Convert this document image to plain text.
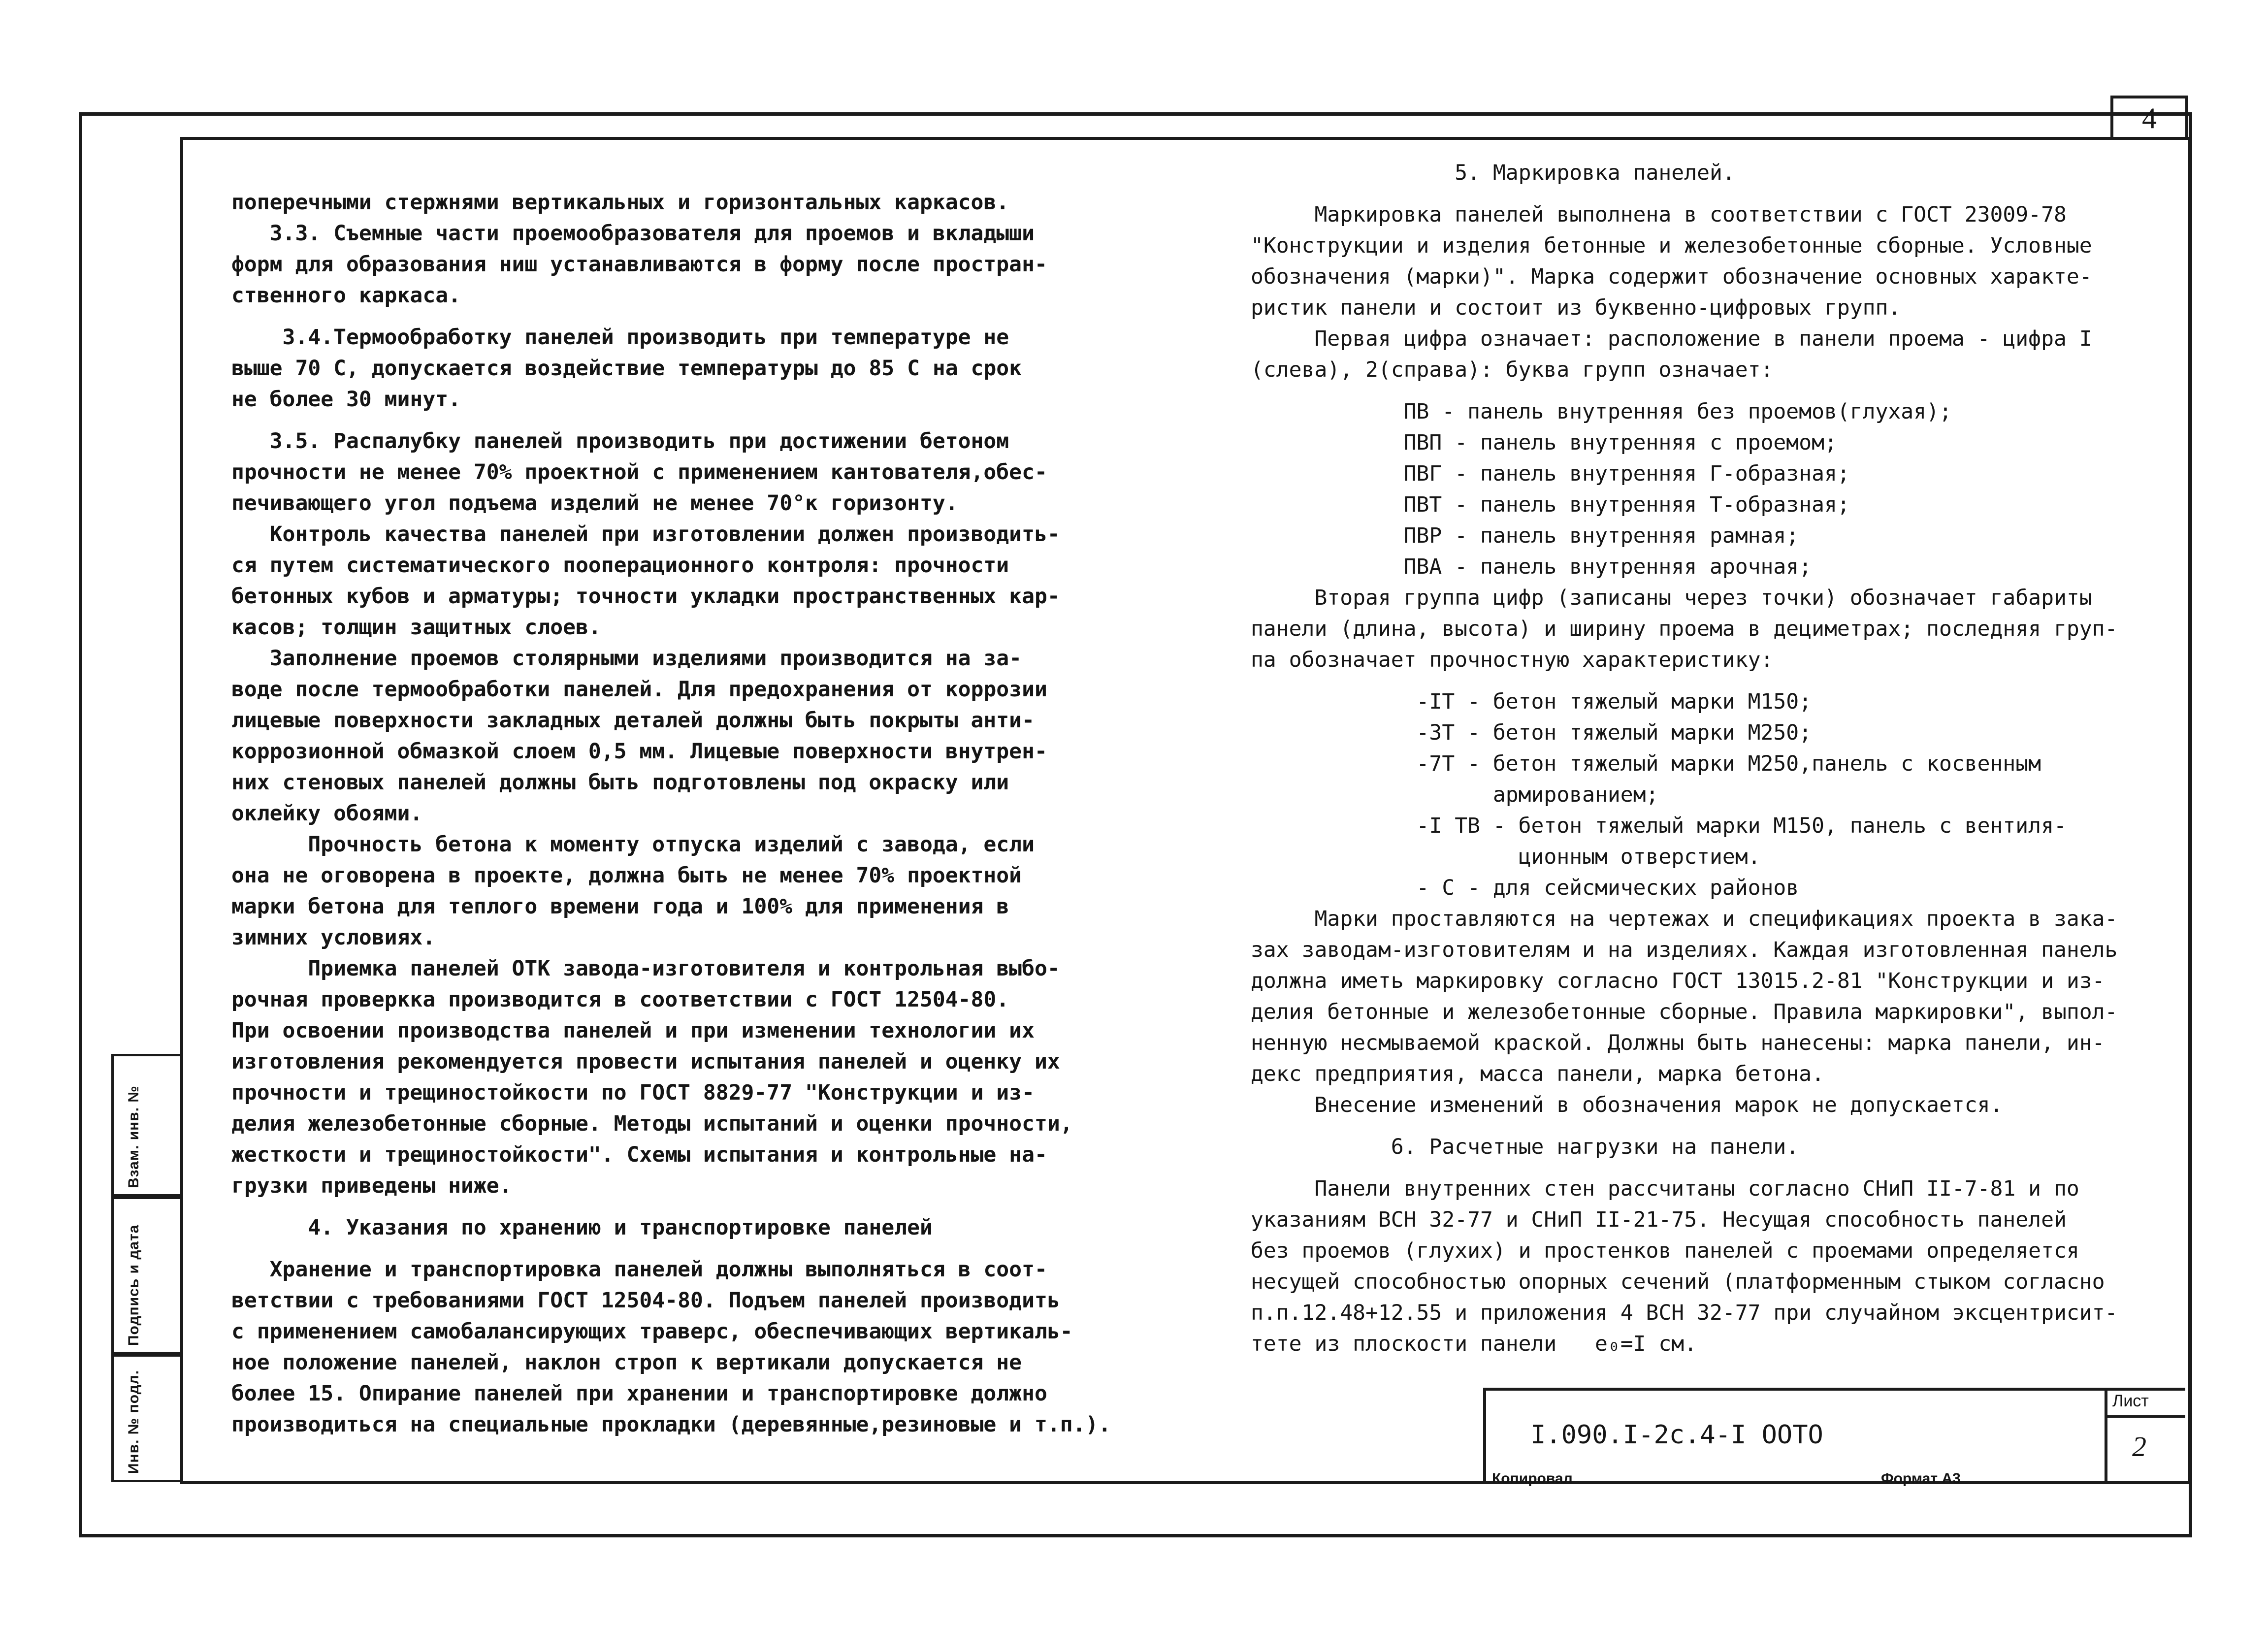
4
Взам. инв. №
Подпись и дата
Инв. № подл.
поперечными стержнями вертикальных и горизонтальных каркасов.
3.3. Съемные части проемообразователя для проемов и вкладыши
форм для образования ниш устанавливаются в форму после простран-
ственного каркаса.
3.4.Термообработку панелей производить при температуре не
выше 70 С, допускается воздействие температуры до 85 С на срок
не более 30 минут.
3.5. Распалубку панелей производить при достижении бетоном
прочности не менее 70% проектной с применением кантователя,обес-
печивающего угол подъема изделий не менее 70°к горизонту.
Контроль качества панелей при изготовлении должен производить-
ся путем систематического пооперационного контроля: прочности
бетонных кубов и арматуры; точности укладки пространственных кар-
касов; толщин защитных слоев.
Заполнение проемов столярными изделиями производится на за-
воде после термообработки панелей. Для предохранения от коррозии
лицевые поверхности закладных деталей должны быть покрыты анти-
коррозионной обмазкой слоем 0,5 мм. Лицевые поверхности внутрен-
них стеновых панелей должны быть подготовлены под окраску или
оклейку обоями.
Прочность бетона к моменту отпуска изделий с завода, если
она не оговорена в проекте, должна быть не менее 70% проектной
марки бетона для теплого времени года и 100% для применения в
зимних условиях.
Приемка панелей ОТК завода-изготовителя и контрольная выбо-
рочная проверкка производится в соответствии с ГОСТ 12504-80.
При освоении производства панелей и при изменении технологии их
изготовления рекомендуется провести испытания панелей и оценку их
прочности и трещиностойкости по ГОСТ 8829-77 "Конструкции и из-
делия железобетонные сборные. Методы испытаний и оценки прочности,
жесткости и трещиностойкости". Схемы испытания и контрольные на-
грузки приведены ниже.
4. Указания по хранению и транспортировке панелей
Хранение и транспортировка панелей должны выполняться в соот-
ветствии с требованиями ГОСТ 12504-80. Подъем панелей производить
с применением самобалансирующих траверс, обеспечивающих вертикаль-
ное положение панелей, наклон строп к вертикали допускается не
более 15. Опирание панелей при хранении и транспортировке должно
производиться на специальные прокладки (деревянные,резиновые и т.п.).
5. Маркировка панелей.
Маркировка панелей выполнена в соответствии с ГОСТ 23009-78
"Конструкции и изделия бетонные и железобетонные сборные. Условные
обозначения (марки)". Марка содержит обозначение основных характе-
ристик панели и состоит из буквенно-цифровых групп.
Первая цифра означает: расположение в панели проема - цифра I
(слева), 2(справа): буква групп означает:
ПВ - панель внутренняя без проемов(глухая);
ПВП - панель внутренняя с проемом;
ПВГ - панель внутренняя Г-образная;
ПВТ - панель внутренняя Т-образная;
ПВР - панель внутренняя рамная;
ПВА - панель внутренняя арочная;
Вторая группа цифр (записаны через точки) обозначает габариты
панели (длина, высота) и ширину проема в дециметрах; последняя груп-
па обозначает прочностную характеристику:
-IT - бетон тяжелый марки М150;
-3T - бетон тяжелый марки М250;
-7T - бетон тяжелый марки М250,панель с косвенным
армированием;
-I ТВ - бетон тяжелый марки М150, панель с вентиля-
ционным отверстием.
- С - для сейсмических районов
Марки проставляются на чертежах и спецификациях проекта в зака-
зах заводам-изготовителям и на изделиях. Каждая изготовленная панель
должна иметь маркировку согласно ГОСТ 13015.2-81 "Конструкции и из-
делия бетонные и железобетонные сборные. Правила маркировки", выпол-
ненную несмываемой краской. Должны быть нанесены: марка панели, ин-
декс предприятия, масса панели, марка бетона.
Внесение изменений в обозначения марок не допускается.
6. Расчетные нагрузки на панели.
Панели внутренних стен рассчитаны согласно СНиП II-7-81 и по
указаниям ВСН 32-77 и СНиП II-21-75. Несущая способность панелей
без проемов (глухих) и простенков панелей с проемами определяется
несущей способностью опорных сечений (платформенным стыком согласно
п.п.12.48+12.55 и приложения 4 ВСН 32-77 при случайном эксцентрисит-
тете из плоскости панели   e₀=I см.
I.090.I-2с.4-I ООТО
Лист
2
Копировал	Формат А3
